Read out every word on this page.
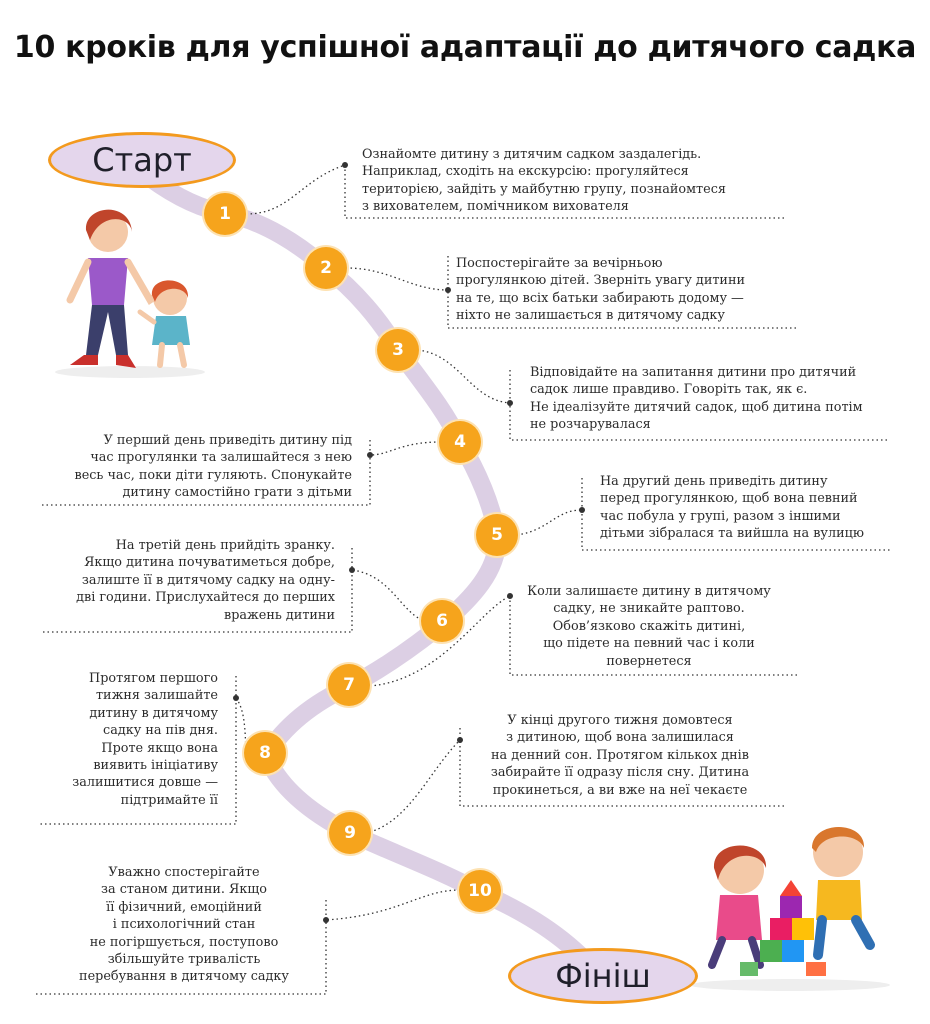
10 кроків для успішної адаптації до дитячого садка
Старт
Фініш
1
2
3
4
5
6
7
8
9
10
Ознайомте дитину з дитячим садком заздалегідь.
Наприклад, сходіть на екскурсію: прогуляйтеся
територією, зайдіть у майбутню групу, познайомтеся
з вихователем, помічником вихователя
Поспостерігайте за вечірньою
прогулянкою дітей. Зверніть увагу дитини
на те, що всіх батьки забирають додому —
ніхто не залишається в дитячому садку
Відповідайте на запитання дитини про дитячий
садок лише правдиво. Говоріть так, як є.
Не ідеалізуйте дитячий садок, щоб дитина потім
не розчарувалася
У перший день приведіть дитину під
час прогулянки та залишайтеся з нею
весь час, поки діти гуляють. Спонукайте
дитину самостійно грати з дітьми
На другий день приведіть дитину
перед прогулянкою, щоб вона певний
час побула у групі, разом з іншими
дітьми зібралася та вийшла на вулицю
На третій день прийдіть зранку.
Якщо дитина почуватиметься добре,
залиште її в дитячому садку на одну-
дві години. Прислухайтеся до перших
вражень дитини
Коли залишаєте дитину в дитячому
садку, не зникайте раптово.
Обов’язково скажіть дитині,
що підете на певний час і коли
повернетеся
Протягом першого
тижня залишайте
дитину в дитячому
садку на пів дня.
Проте якщо вона
виявить ініціативу
залишитися довше —
підтримайте її
У кінці другого тижня домовтеся
з дитиною, щоб вона залишилася
на денний сон. Протягом кількох днів
забирайте її одразу після сну. Дитина
прокинеться, а ви вже на неї чекаєте
Уважно спостерігайте
за станом дитини. Якщо
її фізичний, емоційний
і психологічний стан
не погіршується, поступово
збільшуйте тривалість
перебування в дитячому садку
